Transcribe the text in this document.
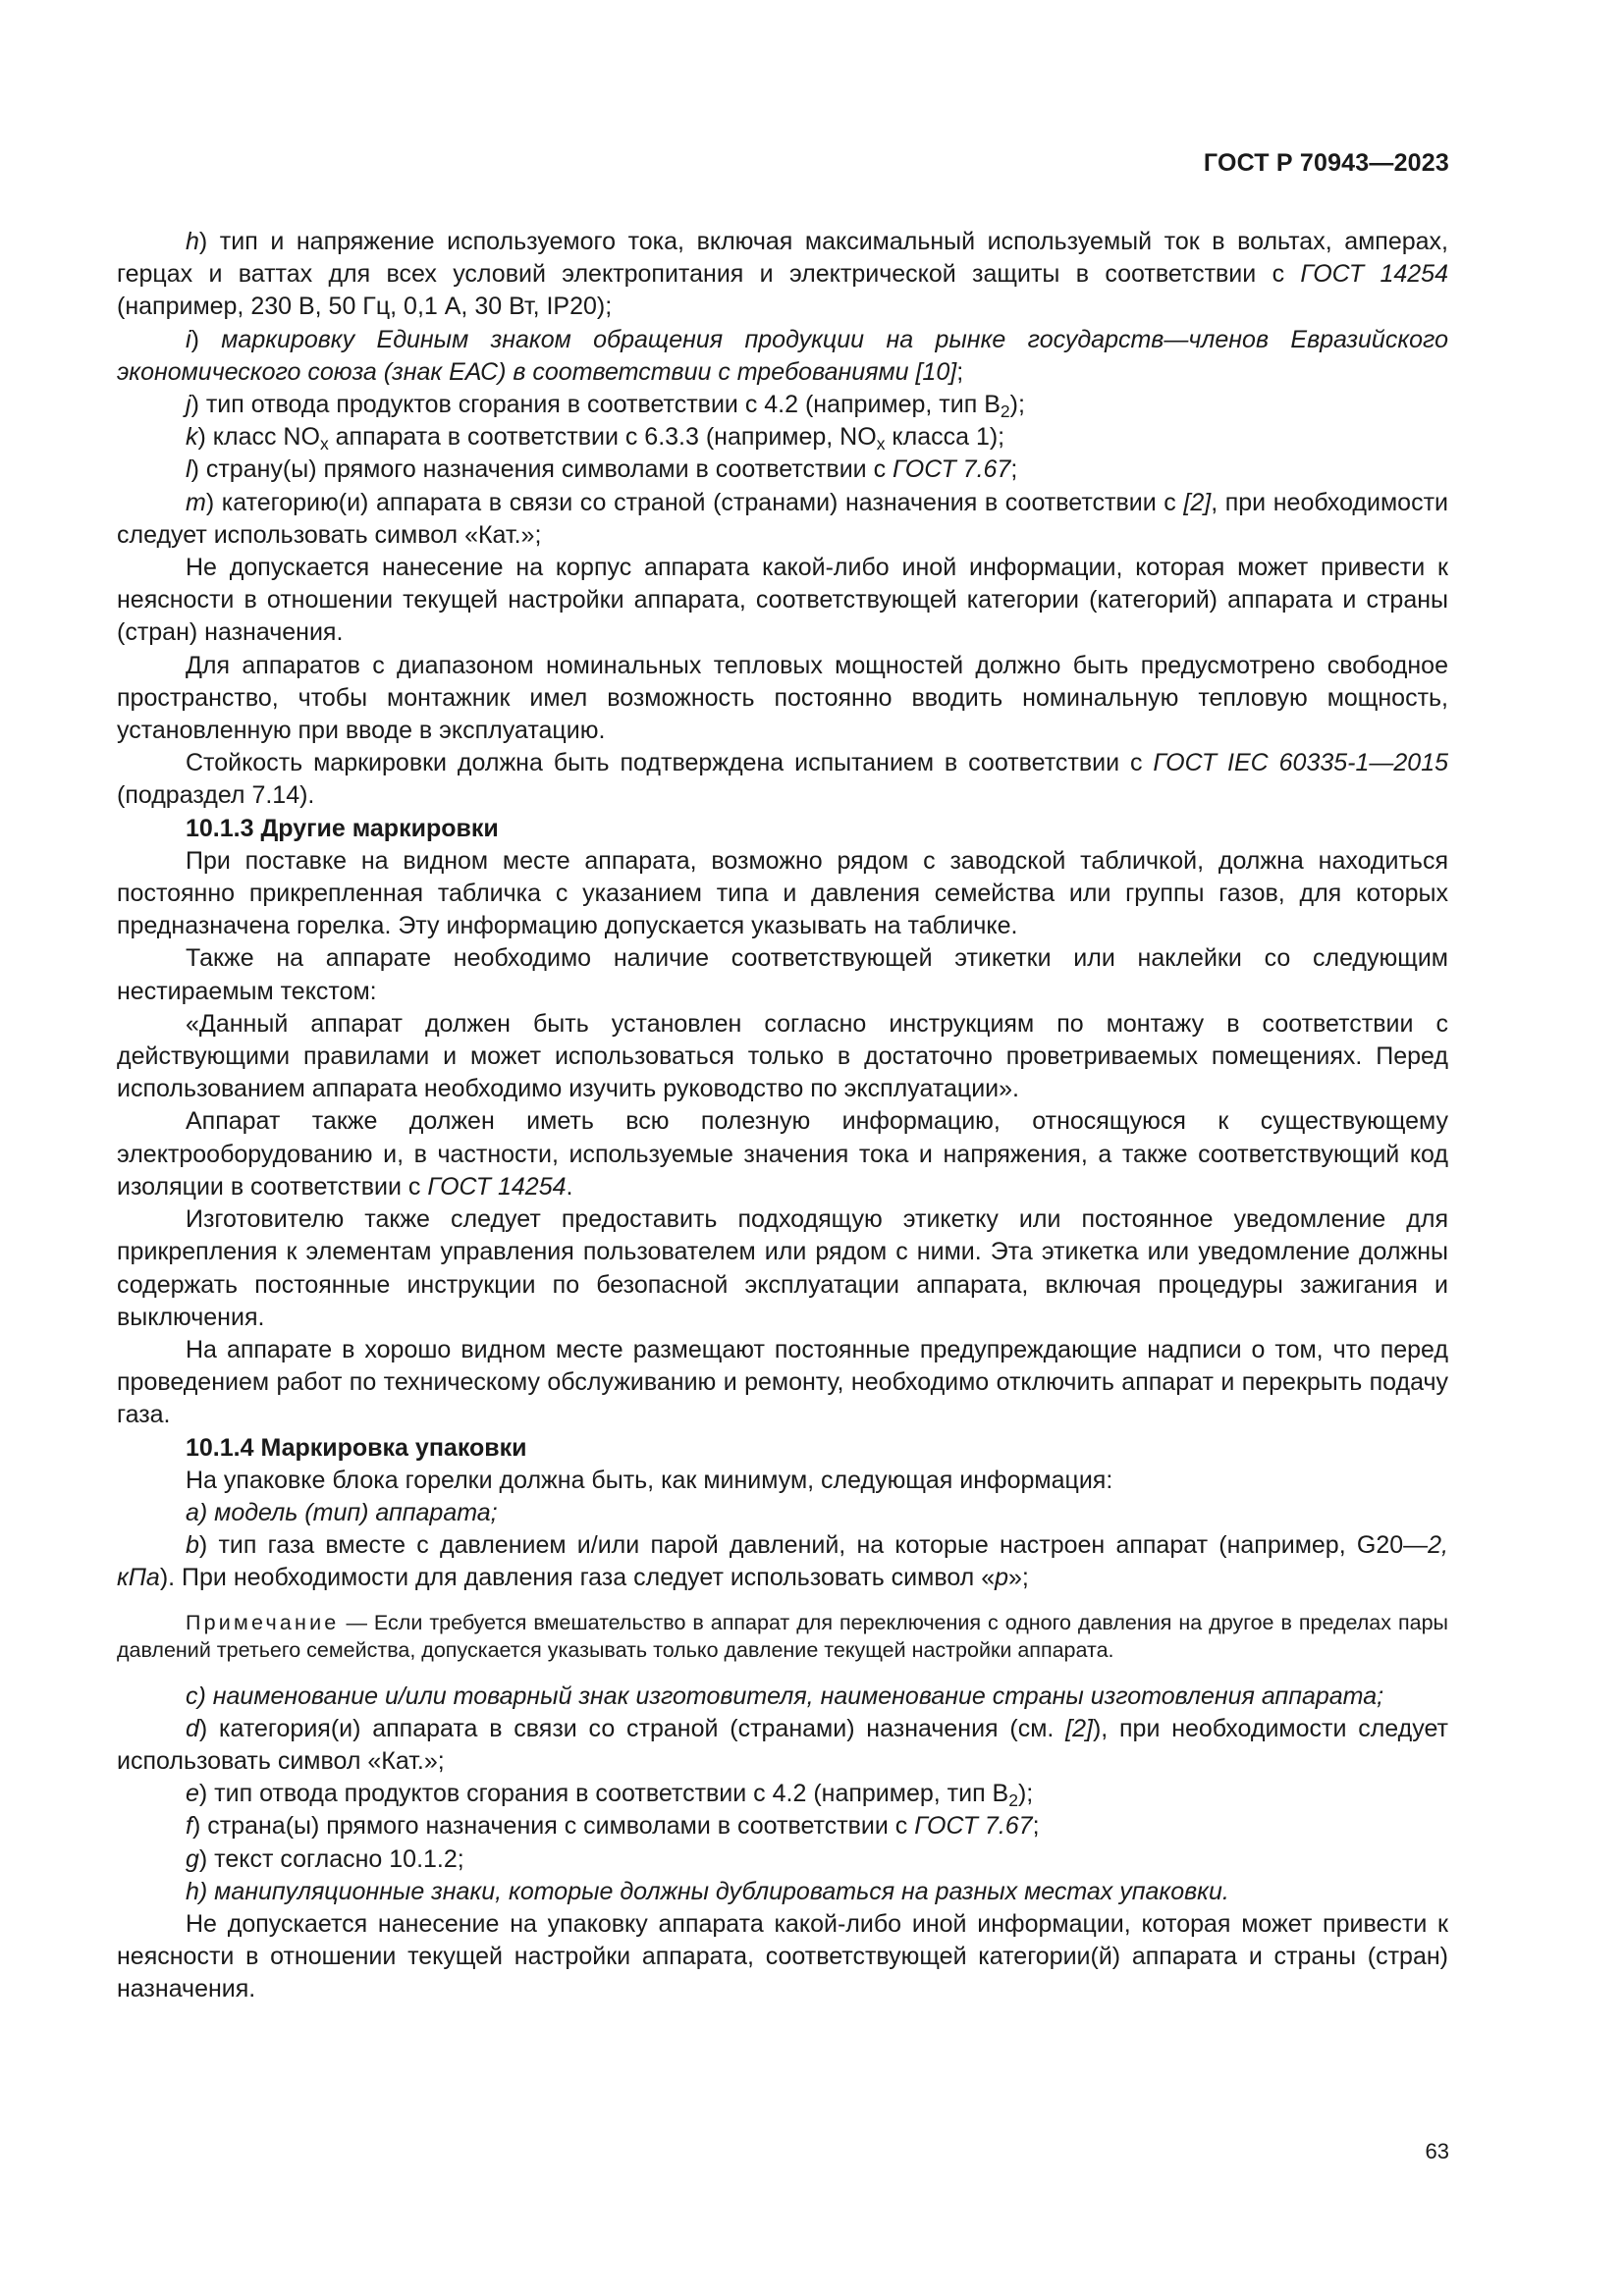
ГОСТ Р 70943—2023

h) тип и напряжение используемого тока, включая максимальный используемый ток в вольтах, амперах, герцах и ваттах для всех условий электропитания и электрической защиты в соответствии с ГОСТ 14254 (например, 230 В, 50 Гц, 0,1 А, 30 Вт, IP20);

i) маркировку Единым знаком обращения продукции на рынке государств—членов Евразийского экономического союза (знак ЕАС) в соответствии с требованиями [10];

j) тип отвода продуктов сгорания в соответствии с 4.2 (например, тип $B_2$);

k) класс $NO_x$ аппарата в соответствии с 6.3.3 (например, $NO_x$ класса 1);

l) страну(ы) прямого назначения символами в соответствии с ГОСТ 7.67;

m) категорию(и) аппарата в связи со страной (странами) назначения в соответствии с [2], при необходимости следует использовать символ «Кат.»;

Не допускается нанесение на корпус аппарата какой-либо иной информации, которая может привести к неясности в отношении текущей настройки аппарата, соответствующей категории (категорий) аппарата и страны (стран) назначения.

Для аппаратов с диапазоном номинальных тепловых мощностей должно быть предусмотрено свободное пространство, чтобы монтажник имел возможность постоянно вводить номинальную тепловую мощность, установленную при вводе в эксплуатацию.

Стойкость маркировки должна быть подтверждена испытанием в соответствии с ГОСТ IEC 60335-1—2015 (подраздел 7.14).

10.1.3 Другие маркировки

При поставке на видном месте аппарата, возможно рядом с заводской табличкой, должна находиться постоянно прикрепленная табличка с указанием типа и давления семейства или группы газов, для которых предназначена горелка. Эту информацию допускается указывать на табличке.

Также на аппарате необходимо наличие соответствующей этикетки или наклейки со следующим нестираемым текстом:

«Данный аппарат должен быть установлен согласно инструкциям по монтажу в соответствии с действующими правилами и может использоваться только в достаточно проветриваемых помещениях. Перед использованием аппарата необходимо изучить руководство по эксплуатации».

Аппарат также должен иметь всю полезную информацию, относящуюся к существующему электрооборудованию и, в частности, используемые значения тока и напряжения, а также соответствующий код изоляции в соответствии с ГОСТ 14254.

Изготовителю также следует предоставить подходящую этикетку или постоянное уведомление для прикрепления к элементам управления пользователем или рядом с ними. Эта этикетка или уведомление должны содержать постоянные инструкции по безопасной эксплуатации аппарата, включая процедуры зажигания и выключения.

На аппарате в хорошо видном месте размещают постоянные предупреждающие надписи о том, что перед проведением работ по техническому обслуживанию и ремонту, необходимо отключить аппарат и перекрыть подачу газа.

10.1.4 Маркировка упаковки

На упаковке блока горелки должна быть, как минимум, следующая информация:

a) модель (тип) аппарата;

b) тип газа вместе с давлением и/или парой давлений, на которые настроен аппарат (например, G20—2, кПа). При необходимости для давления газа следует использовать символ «p»;

Примечание — Если требуется вмешательство в аппарат для переключения с одного давления на другое в пределах пары давлений третьего семейства, допускается указывать только давление текущей настройки аппарата.

c) наименование и/или товарный знак изготовителя, наименование страны изготовления аппарата;

d) категория(и) аппарата в связи со страной (странами) назначения (см. [2]), при необходимости следует использовать символ «Кат.»;

e) тип отвода продуктов сгорания в соответствии с 4.2 (например, тип $B_2$);

f) страна(ы) прямого назначения с символами в соответствии с ГОСТ 7.67;

g) текст согласно 10.1.2;

h) манипуляционные знаки, которые должны дублироваться на разных местах упаковки.

Не допускается нанесение на упаковку аппарата какой-либо иной информации, которая может привести к неясности в отношении текущей настройки аппарата, соответствующей категории(й) аппарата и страны (стран) назначения.

63
